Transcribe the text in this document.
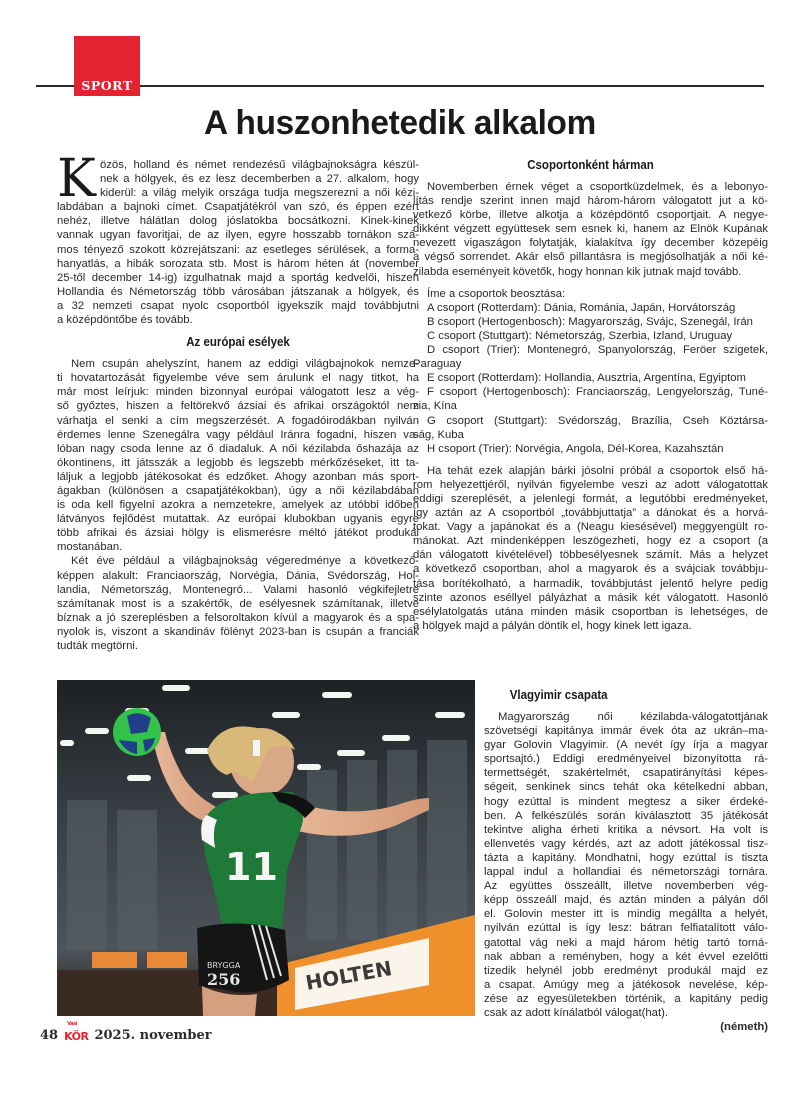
SPORT
A huszonhetedik alkalom
K özös, holland és német rendezésű világbajnokságra készül-
nek a hölgyek, és ez lesz decemberben a 27. alkalom, hogy
kiderül: a világ melyik országa tudja megszerezni a női kézi-
labdában a bajnoki címet. Csapatjátékról van szó, és éppen ezért
nehéz, illetve hálátlan dolog jóslatokba bocsátkozni. Kinek-kinek
vannak ugyan favoritjai, de az ilyen, egyre hosszabb tornákon szá-
mos tényező szokott közrejátszani: az esetleges sérülések, a forma-
hanyatlás, a hibák sorozata stb. Most is három héten át (november
25-től december 14-ig) izgulhatnak majd a sportág kedvelői, hiszen
Hollandia és Németország több városában játszanak a hölgyek, és
a 32 nemzeti csapat nyolc csoportból igyekszik majd továbbjutni
a középdöntőbe és tovább.
Az európai esélyek
Nem csupán ahelyszínt, hanem az eddigi világbajnokok nemze-
ti hovatartozását figyelembe véve sem árulunk el nagy titkot, ha
már most leírjuk: minden bizonnyal európai válogatott lesz a vég-
ső győztes, hiszen a feltörekvő ázsiai és afrikai országoktól nem
várhatja el senki a cím megszerzését. A fogadóirodákban nyilván
érdemes lenne Szenegálra vagy például Iránra fogadni, hiszen va-
lóban nagy csoda lenne az ő diadaluk. A női kézilabda őshazája az
ókontinens, itt játsszák a legjobb és legszebb mérkőzéseket, itt ta-
láljuk a legjobb játékosokat és edzőket. Ahogy azonban más sport-
ágakban (különösen a csapatjátékokban), úgy a női kézilabdában
is oda kell figyelni azokra a nemzetekre, amelyek az utóbbi időben
látványos fejlődést mutattak. Az európai klubokban ugyanis egyre
több afrikai és ázsiai hölgy is elismerésre méltó játékot produkál
mostanában.
Két éve például a világbajnokság végeredménye a következő-
képpen alakult: Franciaország, Norvégia, Dánia, Svédország, Hol-
landia, Németország, Montenegró... Valami hasonló végkifejletre
számítanak most is a szakértők, de esélyesnek számítanak, illetve
bíznak a jó szereplésben a felsoroltakon kívül a magyarok és a spa-
nyolok is, viszont a skandináv fölényt 2023-ban is csupán a franciák
tudták megtörni.
Csoportonként hárman
Novemberben érnek véget a csoportküzdelmek, és a lebonyo-
lítás rendje szerint innen majd három-három válogatott jut a kö-
vetkező körbe, illetve alkotja a középdöntő csoportjait. A negye-
dikként végzett együttesek sem esnek ki, hanem az Elnök Kupának
nevezett vigaszágon folytatják, kialakítva így december közepéig
a végső sorrendet. Akár első pillantásra is megjósolhatják a női ké-
zilabda eseményeit követők, hogy honnan kik jutnak majd tovább.
Íme a csoportok beosztása:
A csoport (Rotterdam): Dánia, Románia, Japán, Horvátország
B csoport (Hertogenbosch): Magyarország, Svájc, Szenegál, Irán
C csoport (Stuttgart): Németország, Szerbia, Izland, Uruguay
D csoport (Trier): Montenegró, Spanyolország, Feröer szigetek,
Paraguay
E csoport (Rotterdam): Hollandia, Ausztria, Argentína, Egyiptom
F csoport (Hertogenbosch): Franciaország, Lengyelország, Tuné-
zia, Kína
G csoport (Stuttgart): Svédország, Brazília, Cseh Köztársa-
ság, Kuba
H csoport (Trier): Norvégia, Angola, Dél-Korea, Kazahsztán
Ha tehát ezek alapján bárki jósolni próbál a csoportok első há-
rom helyezettjéről, nyilván figyelembe veszi az adott válogatottak
eddigi szereplését, a jelenlegi formát, a legutóbbi eredményeket,
így aztán az A csoportból „továbbjuttatja” a dánokat és a horvá-
tokat. Vagy a japánokat és a (Neagu kiesésével) meggyengült ro-
mánokat. Azt mindenképpen leszögezheti, hogy ez a csoport (a
dán válogatott kivételével) többesélyesnek számít. Más a helyzet
a következő csoportban, ahol a magyarok és a svájciak továbbju-
tása borítékolható, a harmadik, továbbjutást jelentő helyre pedig
szinte azonos eséllyel pályázhat a másik két válogatott. Hasonló
esélylatolgatás utána minden másik csoportban is lehetséges, de
a hölgyek majd a pályán döntik el, hogy kinek lett igaza.
HOLTEN
11
BRYGGA
256
Vlagyimir csapata
Magyarország női kézilabda-válogatottjának
szövetségi kapitánya immár évek óta az ukrán–ma-
gyar Golovin Vlagyimir. (A nevét így írja a magyar
sportsajtó.) Eddigi eredményeivel bizonyította rá-
termettségét, szakértelmét, csapatirányítási képes-
ségeit, senkinek sincs tehát oka kételkedni abban,
hogy ezúttal is mindent megtesz a siker érdeké-
ben. A felkészülés során kiválasztott 35 játékosát
tekintve aligha érheti kritika a névsort. Ha volt is
ellenvetés vagy kérdés, azt az adott játékossal tisz-
tázta a kapitány. Mondhatni, hogy ezúttal is tiszta
lappal indul a hollandiai és németországi tornára.
Az együttes összeállt, illetve novemberben vég-
képp összeáll majd, és aztán minden a pályán dől
el. Golovin mester itt is mindig megállta a helyét,
nyilván ezúttal is így lesz: bátran felfiatalított válo-
gatottal vág neki a majd három hétig tartó torná-
nak abban a reményben, hogy a két évvel ezelőtti
tizedik helynél jobb eredményt produkál majd ez
a csapat. Amúgy meg a játékosok nevelése, kép-
zése az egyesületekben történik, a kapitány pedig
csak az adott kínálatból válogat(hat).
(németh)
48
Vasi
KÖR 2025. november
